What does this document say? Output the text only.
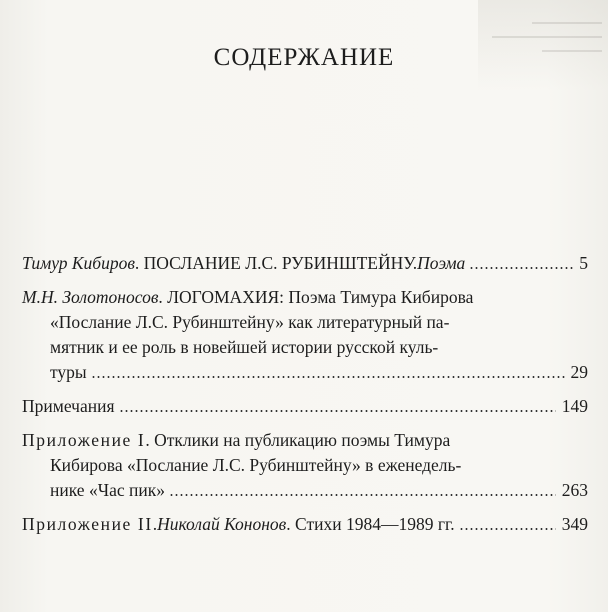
СОДЕРЖАНИЕ
Тимур Кибиров . ПОСЛАНИЕ Л.С. РУБИНШТЕЙНУ. Поэма	5
М.Н. Золотоносов . ЛОГОМАХИЯ: Поэма Тимура Кибирова
«Послание Л.С. Рубинштейну» как литературный па-
мятник и ее роль в новейшей истории русской куль-
туры	29
Примечания	149
Приложение I . Отклики на публикацию поэмы Тимура
Кибирова «Послание Л.С. Рубинштейну» в еженедель-
нике «Час пик»	263
Приложение II . Николай Кононов . Стихи 1984—1989 гг.	349
